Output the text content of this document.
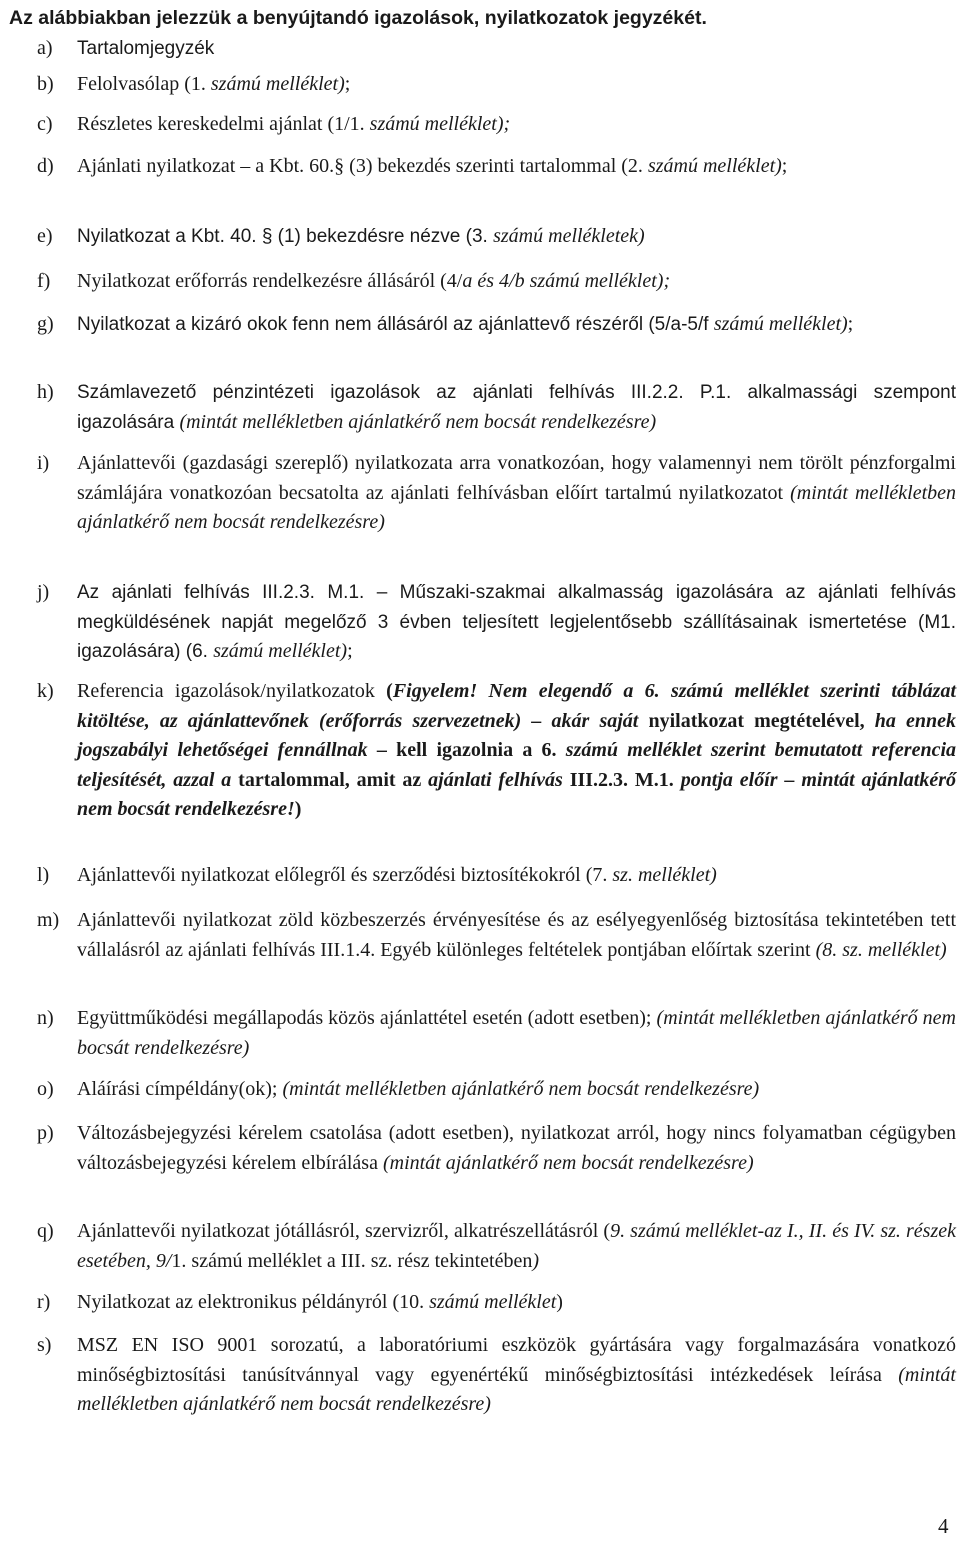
Az alábbiakban jelezzük a benyújtandó igazolások, nyilatkozatok jegyzékét.

a) Tartalomjegyzék
b) Felolvasólap (1. számú melléklet);
c) Részletes kereskedelmi ajánlat (1/1. számú melléklet);
d) Ajánlati nyilatkozat – a Kbt. 60.§ (3) bekezdés szerinti tartalommal (2. számú melléklet);
e) Nyilatkozat a Kbt. 40. § (1) bekezdésre nézve (3. számú mellékletek)
f) Nyilatkozat erőforrás rendelkezésre állásáról (4/a és 4/b számú melléklet);
g) Nyilatkozat a kizáró okok fenn nem állásáról az ajánlattevő részéről (5/a-5/f számú melléklet);
h) Számlavezető pénzintézeti igazolások az ajánlati felhívás III.2.2. P.1. alkalmassági szempont igazolására (mintát mellékletben ajánlatkérő nem bocsát rendelkezésre)
i) Ajánlattevői (gazdasági szereplő) nyilatkozata arra vonatkozóan, hogy valamennyi nem törölt pénzforgalmi számlájára vonatkozóan becsatolta az ajánlati felhívásban előírt tartalmú nyilatkozatot (mintát mellékletben ajánlatkérő nem bocsát rendelkezésre)
j) Az ajánlati felhívás III.2.3. M.1. – Műszaki-szakmai alkalmasság igazolására az ajánlati felhívás megküldésének napját megelőző 3 évben teljesített legjelentősebb szállításainak ismertetése (M1. igazolására) (6. számú melléklet);
k) Referencia igazolások/nyilatkozatok (Figyelem! Nem elegendő a 6. számú melléklet szerinti táblázat kitöltése, az ajánlattevőnek (erőforrás szervezetnek) – akár saját nyilatkozat megtételével, ha ennek jogszabályi lehetőségei fennállnak – kell igazolnia a 6. számú melléklet szerint bemutatott referencia teljesítését, azzal a tartalommal, amit az ajánlati felhívás III.2.3. M.1. pontja előír – mintát ajánlatkérő nem bocsát rendelkezésre!)
l) Ajánlattevői nyilatkozat előlegről és szerződési biztosítékokról (7. sz. melléklet)
m) Ajánlattevői nyilatkozat zöld közbeszerzés érvényesítése és az esélyegyenlőség biztosítása tekintetében tett vállalásról az ajánlati felhívás III.1.4. Egyéb különleges feltételek pontjában előírtak szerint (8. sz. melléklet)
n) Együttműködési megállapodás közös ajánlattétel esetén (adott esetben); (mintát mellékletben ajánlatkérő nem bocsát rendelkezésre)
o) Aláírási címpéldány(ok); (mintát mellékletben ajánlatkérő nem bocsát rendelkezésre)
p) Változásbejegyzési kérelem csatolása (adott esetben), nyilatkozat arról, hogy nincs folyamatban cégügyben változásbejegyzési kérelem elbírálása (mintát ajánlatkérő nem bocsát rendelkezésre)
q) Ajánlattevői nyilatkozat jótállásról, szervizről, alkatrészellátásról (9. számú melléklet-az I., II. és IV. sz. részek esetében, 9/1. számú melléklet a III. sz. rész tekintetében)
r) Nyilatkozat az elektronikus példányról (10. számú melléklet)
s) MSZ EN ISO 9001 sorozatú, a laboratóriumi eszközök gyártására vagy forgalmazására vonatkozó minőségbiztosítási tanúsítvánnyal vagy egyenértékű minőségbiztosítási intézkedések leírása (mintát mellékletben ajánlatkérő nem bocsát rendelkezésre)
4
